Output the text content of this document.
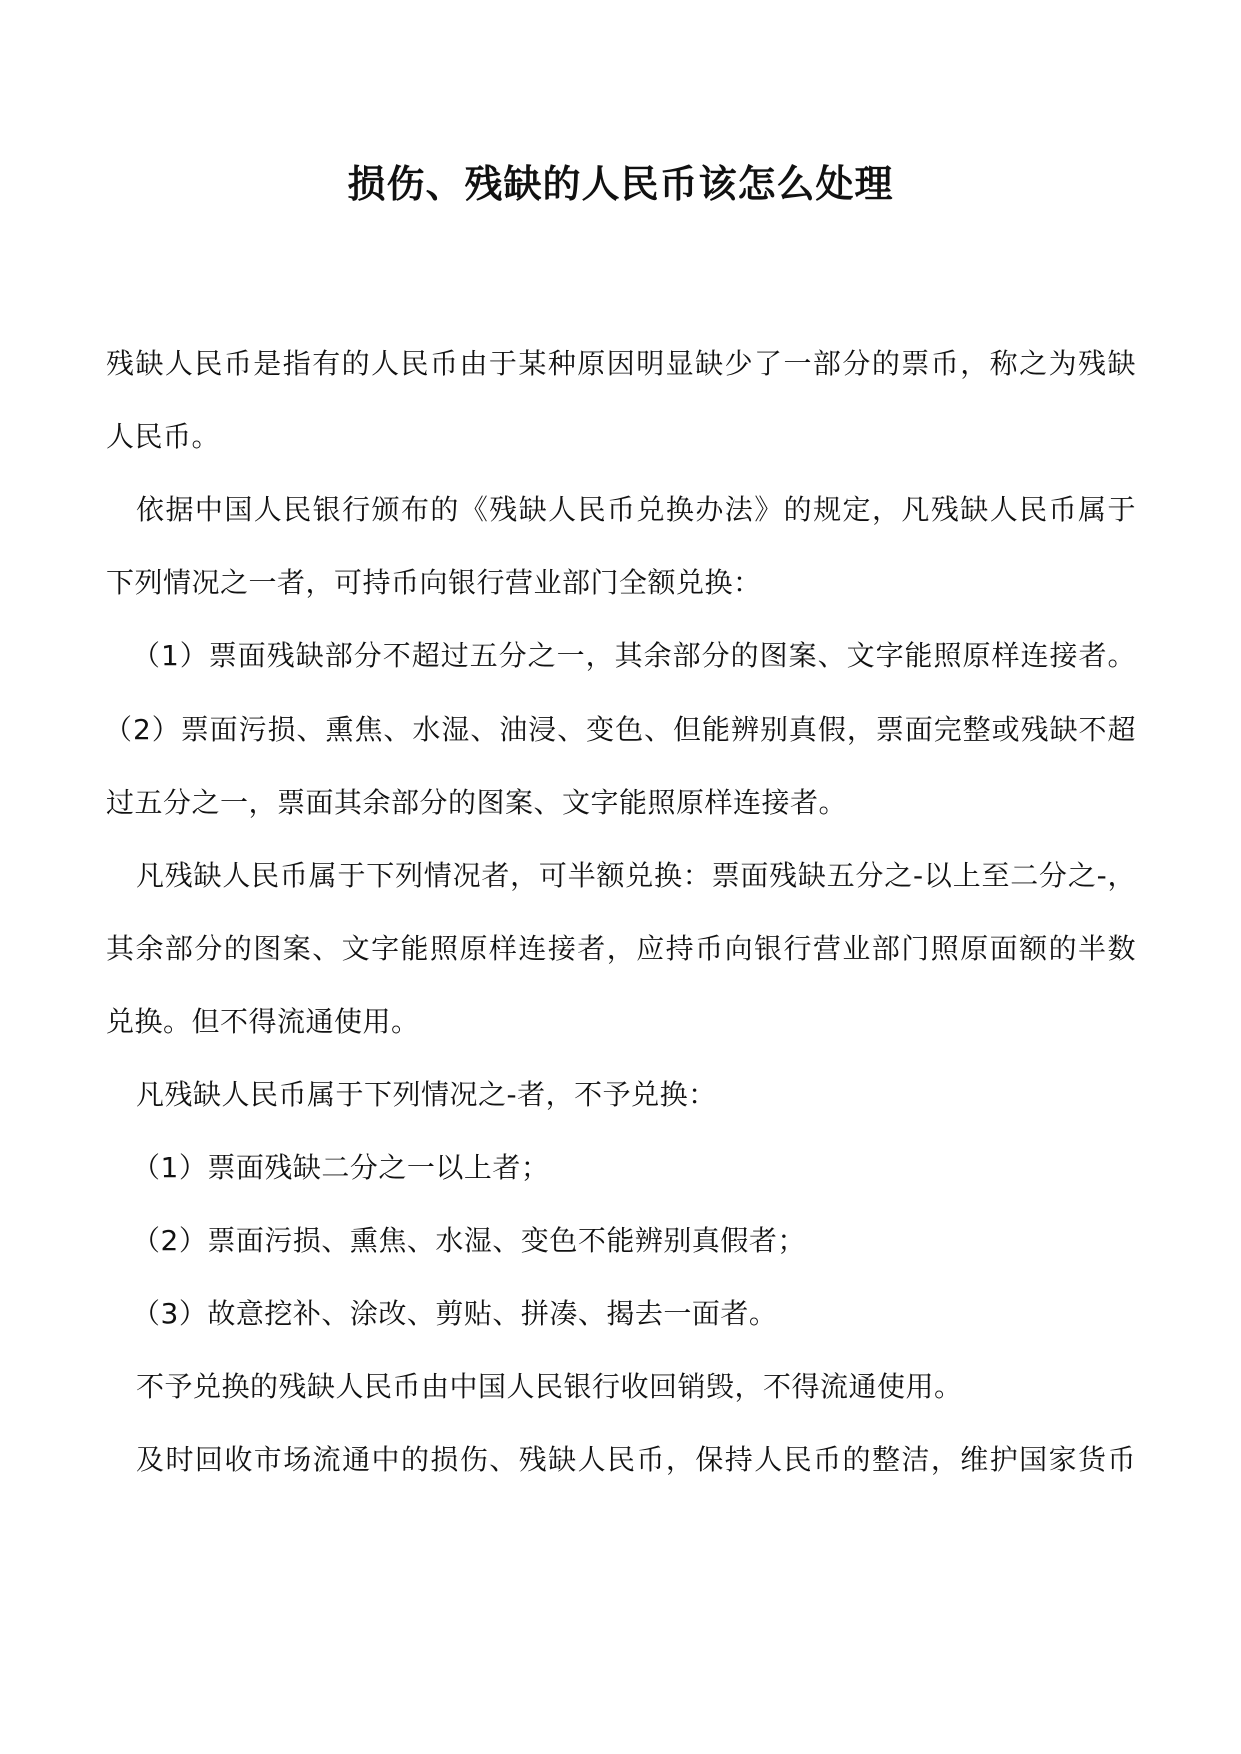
损伤、残缺的人民币该怎么处理
残缺人民币是指有的人民币由于某种原因明显缺少了一部分的票币，称之为残缺
人民币。
依据中国人民银行颁布的《残缺人民币兑换办法》的规定，凡残缺人民币属于
下列情况之一者，可持币向银行营业部门全额兑换：
（1）票面残缺部分不超过五分之一，其余部分的图案、文字能照原样连接者。
（2）票面污损、熏焦、水湿、油浸、变色、但能辨别真假，票面完整或残缺不超
过五分之一，票面其余部分的图案、文字能照原样连接者。
凡残缺人民币属于下列情况者，可半额兑换：票面残缺五分之-以上至二分之-，
其余部分的图案、文字能照原样连接者，应持币向银行营业部门照原面额的半数
兑换。但不得流通使用。
凡残缺人民币属于下列情况之-者，不予兑换：
（1）票面残缺二分之一以上者；
（2）票面污损、熏焦、水湿、变色不能辨别真假者；
（3）故意挖补、涂改、剪贴、拼凑、揭去一面者。
不予兑换的残缺人民币由中国人民银行收回销毁，不得流通使用。
及时回收市场流通中的损伤、残缺人民币，保持人民币的整洁，维护国家货币
